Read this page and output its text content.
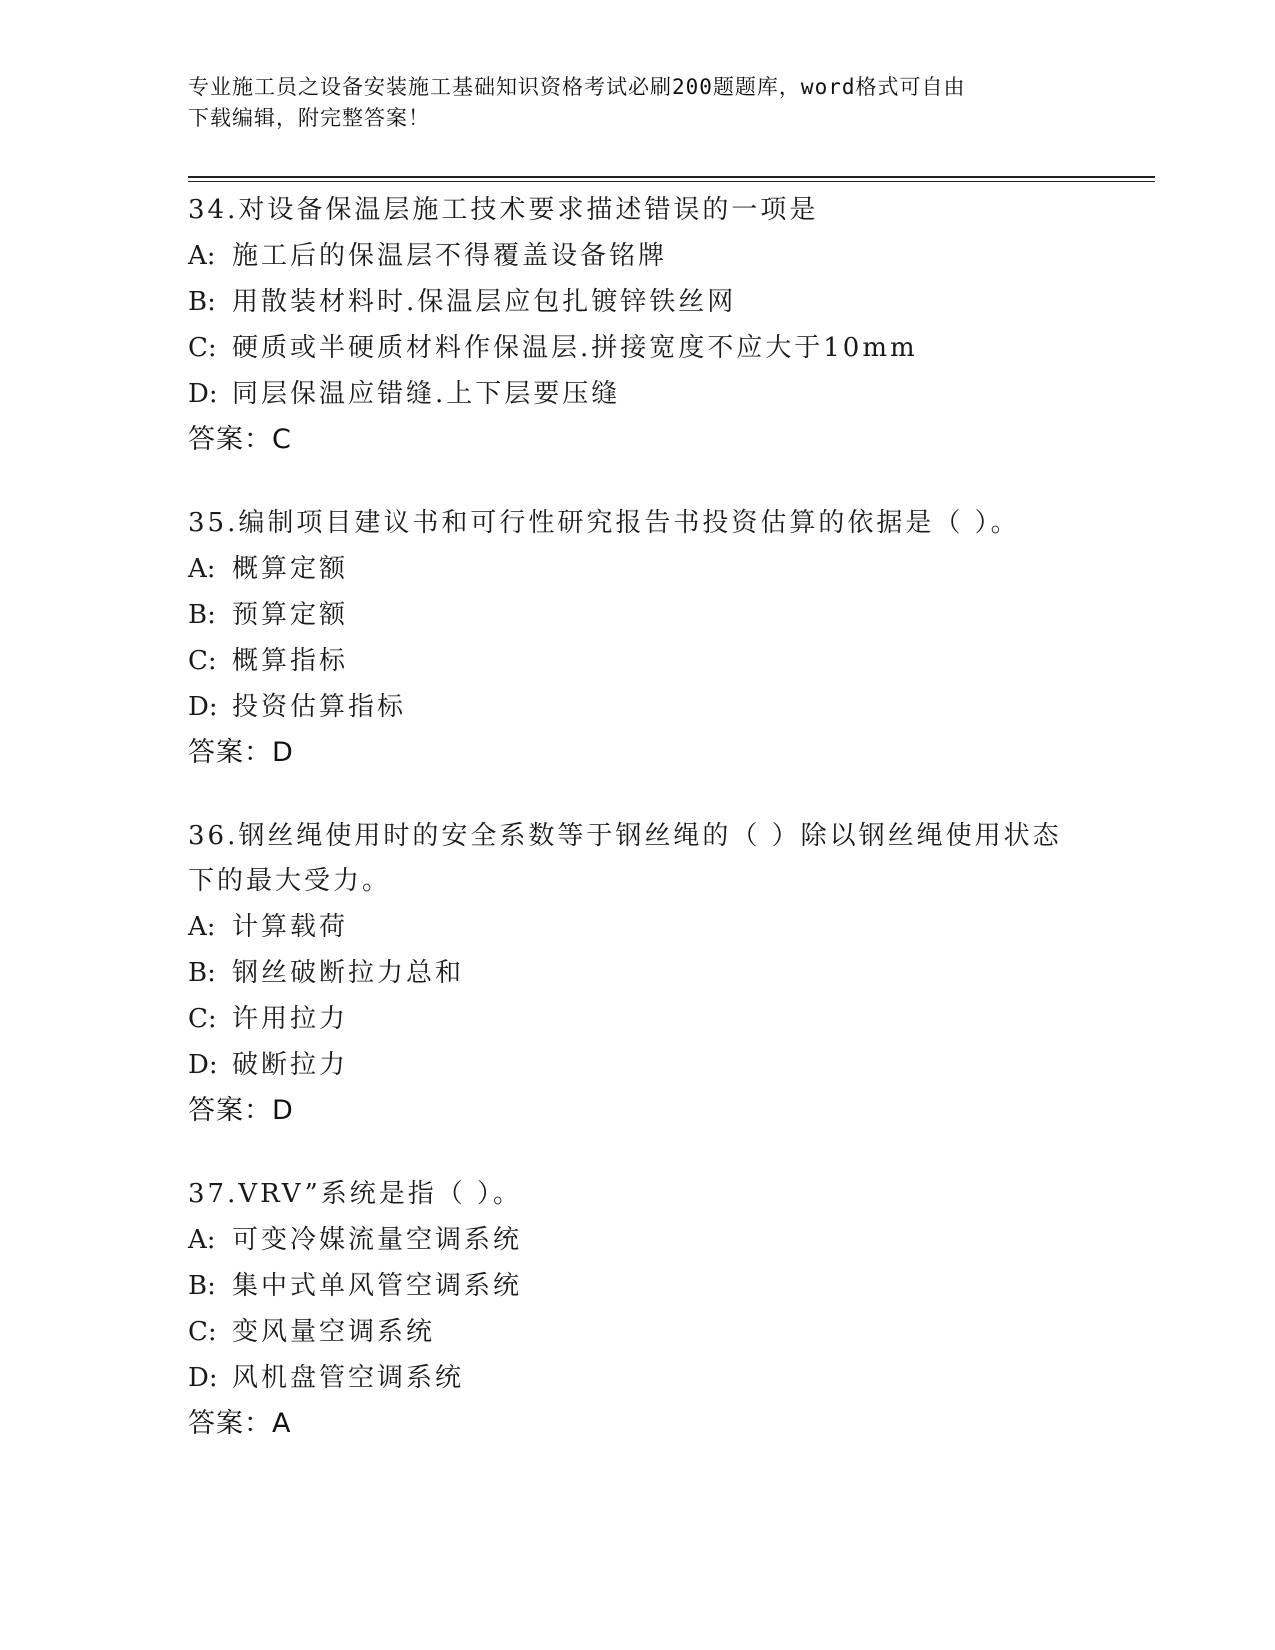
专业施工员之设备安装施工基础知识资格考试必刷200题题库，word格式可自由
下载编辑，附完整答案！
34.对设备保温层施工技术要求描述错误的一项是
A: 施工后的保温层不得覆盖设备铭牌
B: 用散装材料时.保温层应包扎镀锌铁丝网
C: 硬质或半硬质材料作保温层.拼接宽度不应大于10mm
D: 同层保温应错缝.上下层要压缝
答案：C
35.编制项目建议书和可行性研究报告书投资估算的依据是（ ）。
A: 概算定额
B: 预算定额
C: 概算指标
D: 投资估算指标
答案：D
36.钢丝绳使用时的安全系数等于钢丝绳的（ ）除以钢丝绳使用状态
下的最大受力。
A: 计算载荷
B: 钢丝破断拉力总和
C: 许用拉力
D: 破断拉力
答案：D
37.VRV”系统是指（ ）。
A: 可变冷媒流量空调系统
B: 集中式单风管空调系统
C: 变风量空调系统
D: 风机盘管空调系统
答案：A
